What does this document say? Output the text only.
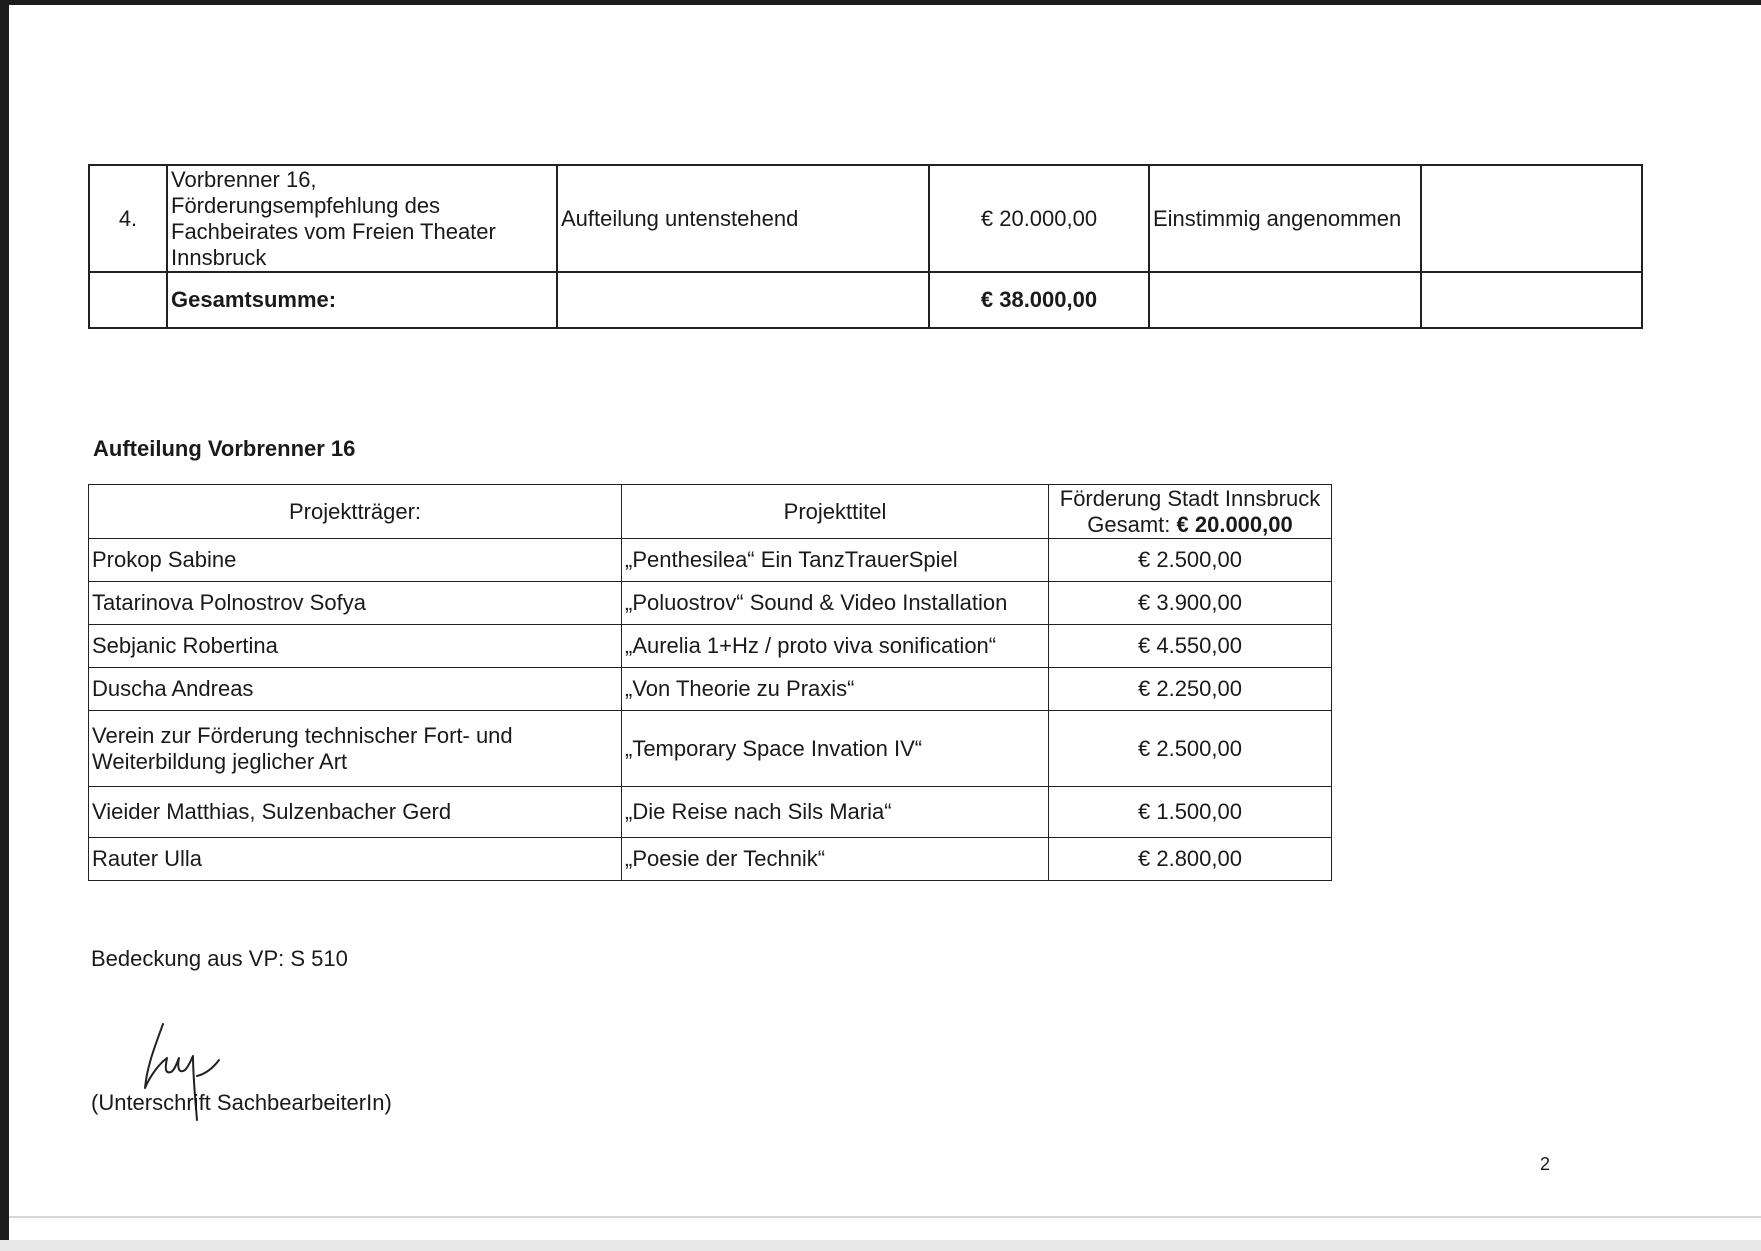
4.	Vorbrenner 16,
Förderungsempfehlung des
Fachbeirates vom Freien Theater
Innsbruck	Aufteilung untenstehend	€ 20.000,00	Einstimmig angenommen	
	Gesamtsumme:		€ 38.000,00		
Aufteilung Vorbrenner 16
Projektträger:	Projekttitel	Förderung Stadt Innsbruck
Gesamt: € 20.000,00

Prokop Sabine	„Penthesilea“ Ein TanzTrauerSpiel	€ 2.500,00
Tatarinova Polnostrov Sofya	„Poluostrov“ Sound & Video Installation	€ 3.900,00
Sebjanic Robertina	„Aurelia 1+Hz / proto viva sonification“	€ 4.550,00
Duscha Andreas	„Von Theorie zu Praxis“	€ 2.250,00
Verein zur Förderung technischer Fort- und Weiterbildung jeglicher Art	„Temporary Space Invation IV“	€ 2.500,00
Vieider Matthias, Sulzenbacher Gerd	„Die Reise nach Sils Maria“	€ 1.500,00
Rauter Ulla	„Poesie der Technik“	€ 2.800,00
Bedeckung aus VP: S 510
(Unterschrift SachbearbeiterIn)
2
